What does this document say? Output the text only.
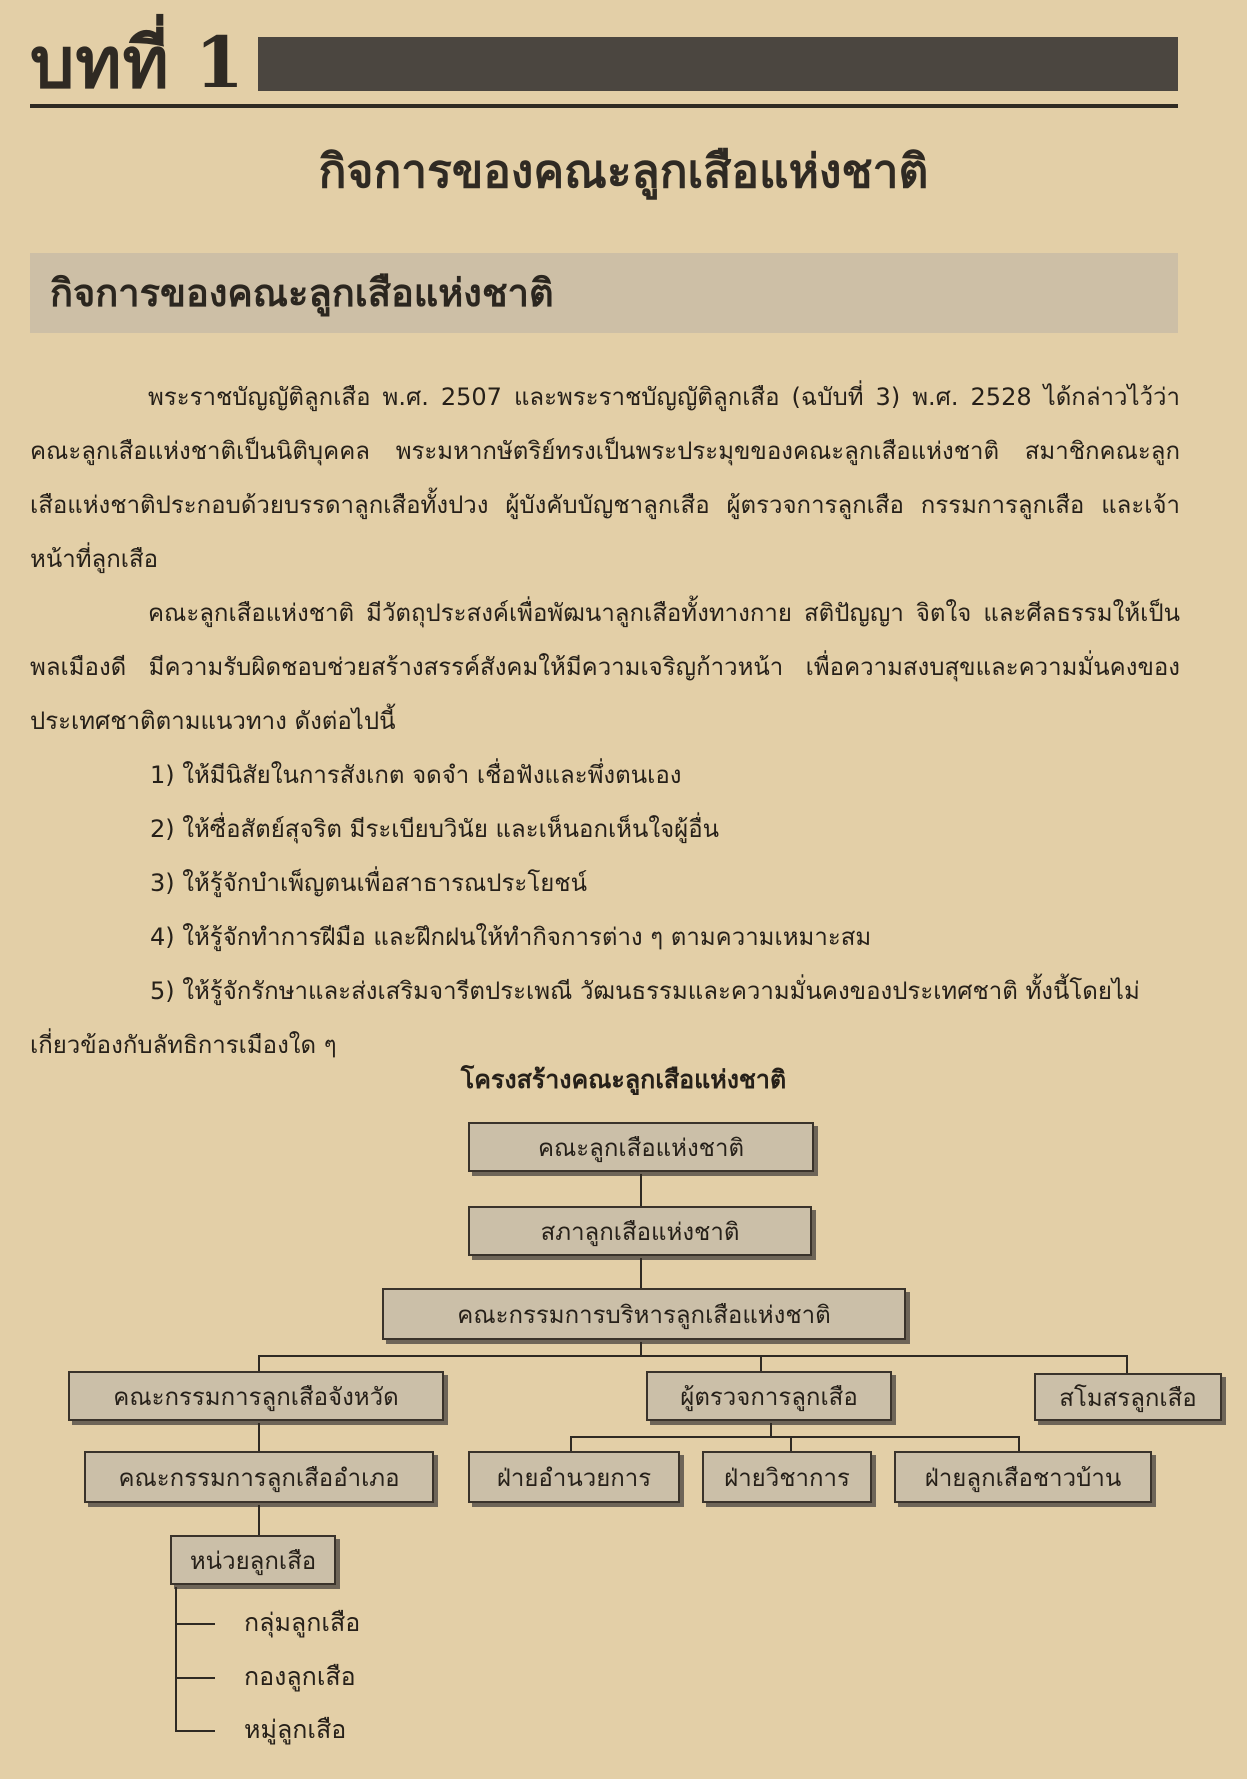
บทที่ 1
กิจการของคณะลูกเสือแห่งชาติ
กิจการของคณะลูกเสือแห่งชาติ

พระราชบัญญัติลูกเสือ พ.ศ. 2507 และพระราชบัญญัติลูกเสือ (ฉบับที่ 3) พ.ศ. 2528 ได้กล่าวไว้ว่า คณะลูกเสือแห่งชาติเป็นนิติบุคคล พระมหากษัตริย์ทรงเป็นพระประมุขของคณะลูกเสือแห่งชาติ สมาชิกคณะลูกเสือแห่งชาติประกอบด้วยบรรดาลูกเสือทั้งปวง ผู้บังคับบัญชาลูกเสือ ผู้ตรวจการลูกเสือ กรรมการลูกเสือ และเจ้าหน้าที่ลูกเสือ

คณะลูกเสือแห่งชาติ มีวัตถุประสงค์เพื่อพัฒนาลูกเสือทั้งทางกาย สติปัญญา จิตใจ และศีลธรรมให้เป็นพลเมืองดี มีความรับผิดชอบช่วยสร้างสรรค์สังคมให้มีความเจริญก้าวหน้า เพื่อความสงบสุขและความมั่นคงของประเทศชาติตามแนวทาง ดังต่อไปนี้

1) ให้มีนิสัยในการสังเกต จดจำ เชื่อฟังและพึ่งตนเอง

2) ให้ซื่อสัตย์สุจริต มีระเบียบวินัย และเห็นอกเห็นใจผู้อื่น

3) ให้รู้จักบำเพ็ญตนเพื่อสาธารณประโยชน์

4) ให้รู้จักทำการฝีมือ และฝึกฝนให้ทำกิจการต่าง ๆ ตามความเหมาะสม

5) ให้รู้จักรักษาและส่งเสริมจารีตประเพณี วัฒนธรรมและความมั่นคงของประเทศชาติ ทั้งนี้โดยไม่เกี่ยวข้องกับลัทธิการเมืองใด ๆ

โครงสร้างคณะลูกเสือแห่งชาติ
คณะลูกเสือแห่งชาติ
สภาลูกเสือแห่งชาติ
คณะกรรมการบริหารลูกเสือแห่งชาติ
คณะกรรมการลูกเสือจังหวัด	ผู้ตรวจการลูกเสือ	สโมสรลูกเสือ
คณะกรรมการลูกเสืออำเภอ	ฝ่ายอำนวยการ	ฝ่ายวิชาการ	ฝ่ายลูกเสือชาวบ้าน
หน่วยลูกเสือ
กลุ่มลูกเสือ
กองลูกเสือ
หมู่ลูกเสือ
